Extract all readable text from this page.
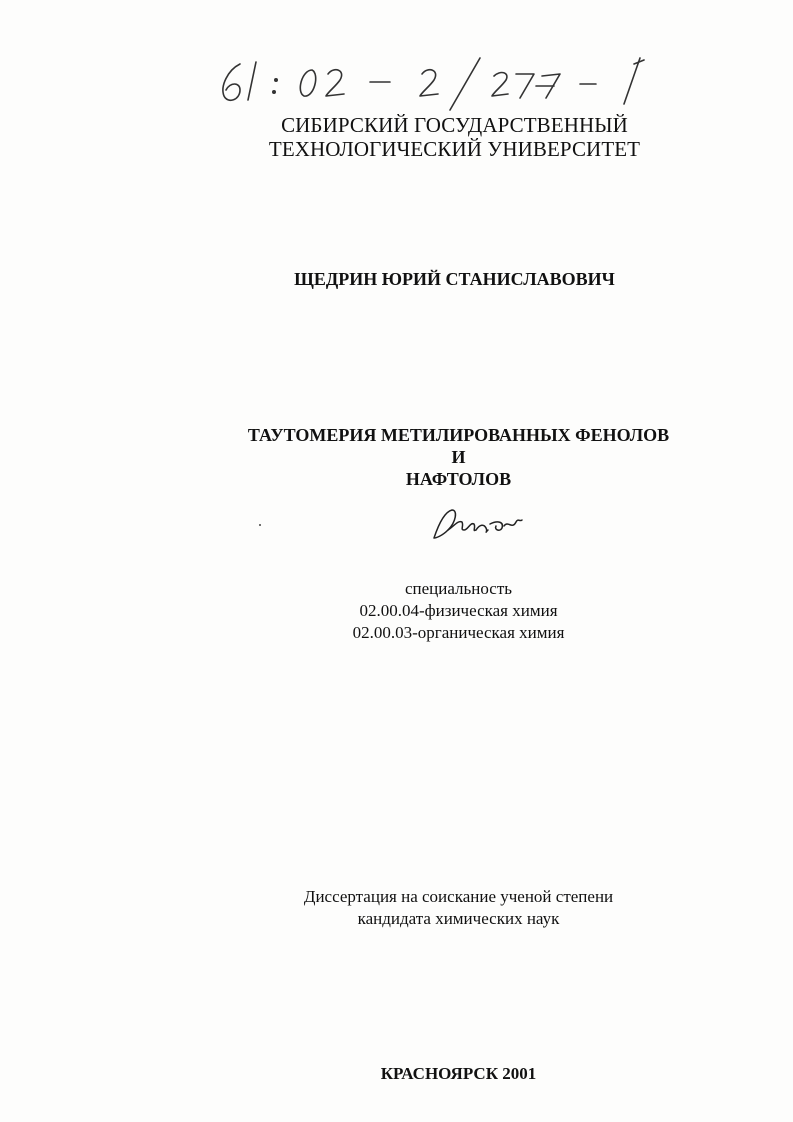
СИБИРСКИЙ ГОСУДАРСТВЕННЫЙ
ТЕХНОЛОГИЧЕСКИЙ УНИВЕРСИТЕТ
ЩЕДРИН ЮРИЙ СТАНИСЛАВОВИЧ
ТАУТОМЕРИЯ МЕТИЛИРОВАННЫХ ФЕНОЛОВ
И
НАФТОЛОВ
специальность
02.00.04-физическая химия
02.00.03-органическая химия
Диссертация на соискание ученой степени
кандидата химических наук
КРАСНОЯРСК 2001
